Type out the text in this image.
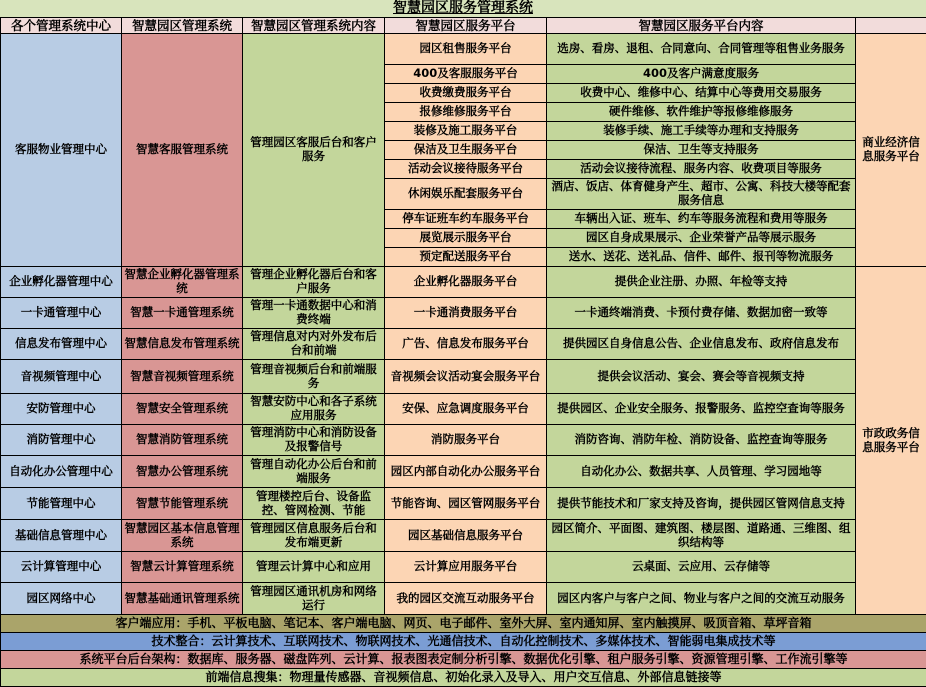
智慧园区服务管理系统
各个管理系统中心	智慧园区管理系统	智慧园区管理系统内容	智慧园区服务平台	智慧园区服务平台内容	
客服物业管理中心	智慧客服管理系统	管理园区客服后台和客户服务	园区租售服务平台	选房、看房、退租、合同意向、合同管理等租售业务服务	商业经济信息服务平台
			400及客服服务平台	400及客户满意度服务	
			收费缴费服务平台	收费中心、维修中心、结算中心等费用交易服务	
			报修维修服务平台	硬件维修、软件维护等报修维修服务	
			装修及施工服务平台	装修手续、施工手续等办理和支持服务	
			保洁及卫生服务平台	保洁、卫生等支持服务	
			活动会议接待服务平台	活动会议接待流程、服务内容、收费项目等服务	
			休闲娱乐配套服务平台	酒店、饭店、体育健身产生、超市、公寓、科技大楼等配套服务信息	
			停车证班车约车服务平台	车辆出入证、班车、约车等服务流程和费用等服务	
			展览展示服务平台	园区自身成果展示、企业荣誉产品等展示服务	
			预定配送服务平台	送水、送花、送礼品、信件、邮件、报刊等物流服务	
企业孵化器管理中心	智慧企业孵化器管理系统	管理企业孵化器后台和客户服务	企业孵化器服务平台	提供企业注册、办照、年检等支持	市政政务信息服务平台
一卡通管理中心	智慧一卡通管理系统	管理一卡通数据中心和消费终端	一卡通消费服务平台	一卡通终端消费、卡预付费存储、数据加密一致等	
信息发布管理中心	智慧信息发布管理系统	管理信息对内对外发布后台和前端	广告、信息发布服务平台	提供园区自身信息公告、企业信息发布、政府信息发布	
音视频管理中心	智慧音视频管理系统	管理音视频后台和前端服务	音视频会议活动宴会服务平台	提供会议活动、宴会、赛会等音视频支持	
安防管理中心	智慧安全管理系统	智慧安防中心和各子系统应用服务	安保、应急调度服务平台	提供园区、企业安全服务、报警服务、监控空查询等服务	
消防管理中心	智慧消防管理系统	管理消防中心和消防设备及报警信号	消防服务平台	消防咨询、消防年检、消防设备、监控查询等服务	
自动化办公管理中心	智慧办公管理系统	管理自动化办公后台和前端服务	园区内部自动化办公服务平台	自动化办公、数据共享、人员管理、学习园地等	
节能管理中心	智慧节能管理系统	管理楼控后台、设备监控、管网检测、节能	节能咨询、园区管网服务平台	提供节能技术和厂家支持及咨询，提供园区管网信息支持	
基础信息管理中心	智慧园区基本信息管理系统	管理园区信息服务后台和发布端更新	园区基础信息服务平台	园区简介、平面图、建筑图、楼层图、道路通、三维图、组织结构等	
云计算管理中心	智慧云计算管理系统	管理云计算中心和应用	云计算应用服务平台	云桌面、云应用、云存储等	
园区网络中心	智慧基础通讯管理系统	管理园区通讯机房和网络运行	我的园区交流互动服务平台	园区内客户与客户之间、物业与客户之间的交流互动服务	
客户端应用：手机、平板电脑、笔记本、客户端电脑、网页、电子邮件、室外大屏、室内通知屏、室内触摸屏、吸顶音箱、草坪音箱					
技术整合：云计算技术、互联网技术、物联网技术、光通信技术、自动化控制技术、多媒体技术、智能弱电集成技术等					
系统平台后台架构：数据库、服务器、磁盘阵列、云计算、报表图表定制分析引擎、数据优化引擎、租户服务引擎、资源管理引擎、工作流引擎等					
前端信息搜集：物理量传感器、音视频信息、初始化录入及导入、用户交互信息、外部信息链接等					
